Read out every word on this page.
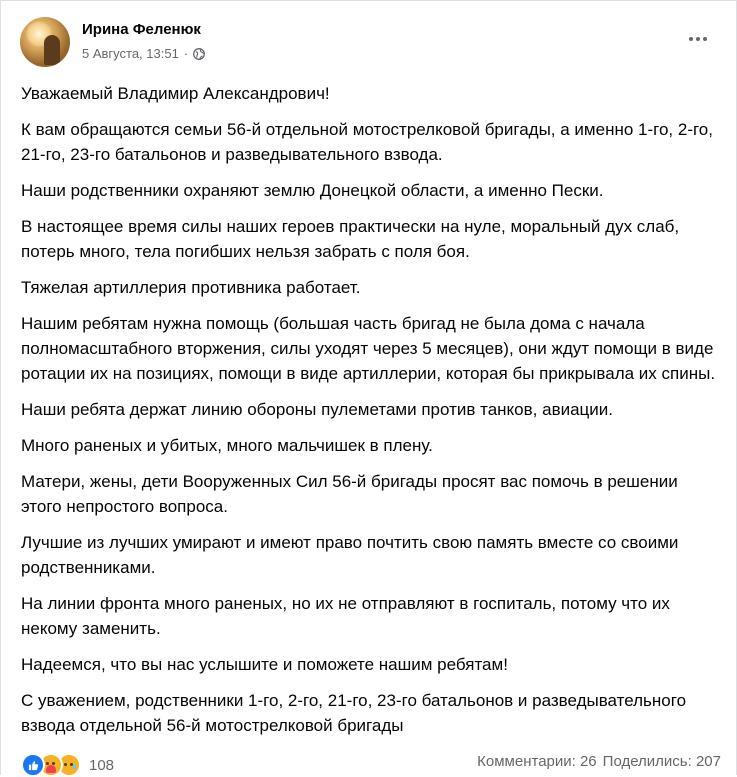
Ирина Феленюк
5 Августа, 13:51 ·

Уважаемый Владимир Александрович!

К вам обращаются семьи 56-й отдельной мотострелковой бригады, а именно 1-го, 2-го, 21-го, 23-го батальонов и разведывательного взвода.

Наши родственники охраняют землю Донецкой области, а именно Пески.

В настоящее время силы наших героев практически на нуле, моральный дух слаб, потерь много, тела погибших нельзя забрать с поля боя.

Тяжелая артиллерия противника работает.

Нашим ребятам нужна помощь (большая часть бригад не была дома с начала полномасштабного вторжения, силы уходят через 5 месяцев), они ждут помощи в виде ротации их на позициях, помощи в виде артиллерии, которая бы прикрывала их спины.

Наши ребята держат линию обороны пулеметами против танков, авиации.

Много раненых и убитых, много мальчишек в плену.

Матери, жены, дети Вооруженных Сил 56-й бригады просят вас помочь в решении этого непростого вопроса.

Лучшие из лучших умирают и имеют право почтить свою память вместе со своими родственниками.

На линии фронта много раненых, но их не отправляют в госпиталь, потому что их некому заменить.

Надеемся, что вы нас услышите и поможете нашим ребятам!

С уважением, родственники 1-го, 2-го, 21-го, 23-го батальонов и разведывательного взвода отдельной 56-й мотострелковой бригады

108	Комментарии: 26 Поделились: 207
